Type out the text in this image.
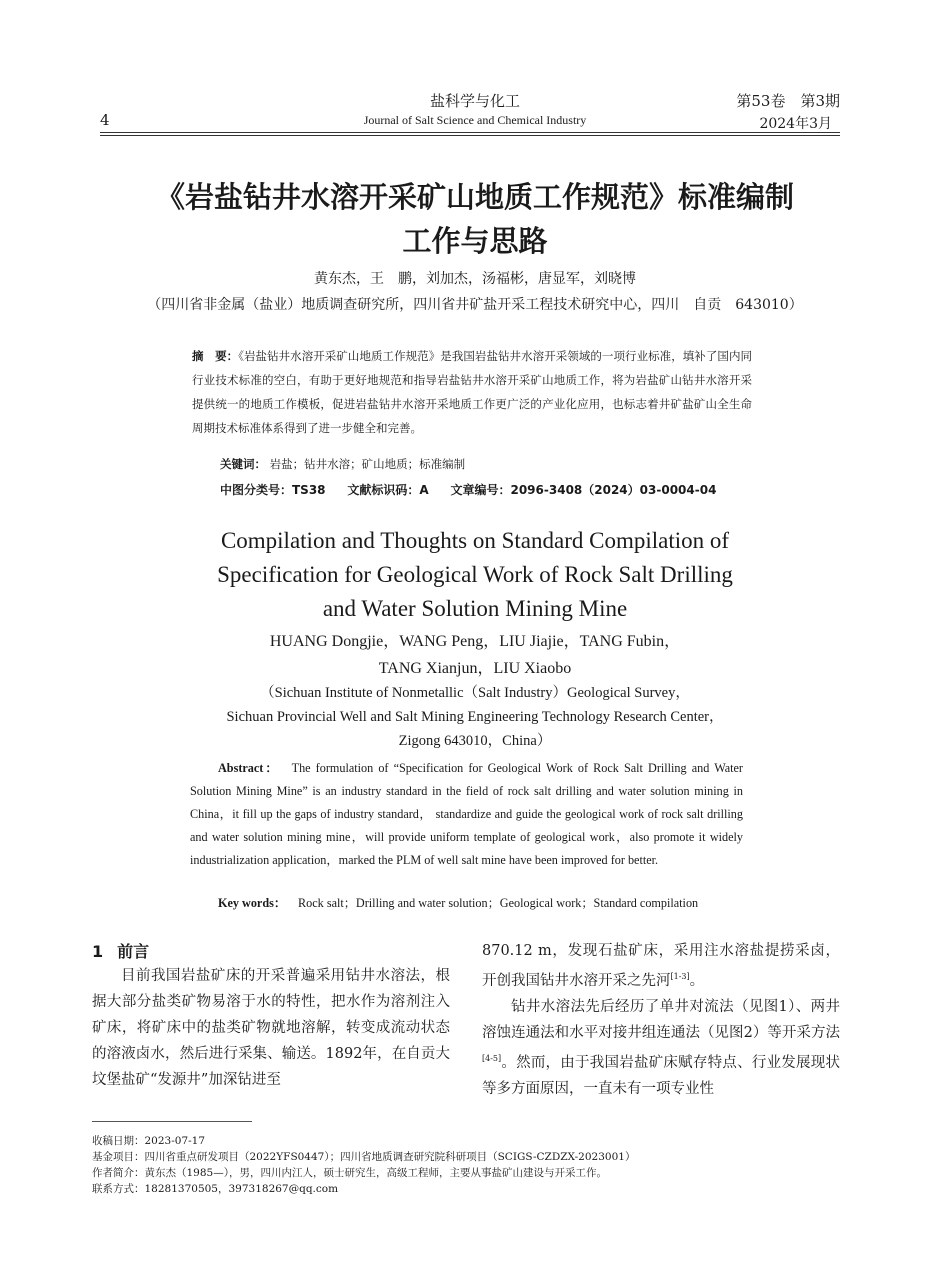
4
盐科学与化工
Journal of Salt Science and Chemical Industry
第53卷　第3期
2024年3月
《岩盐钻井水溶开采矿山地质工作规范》标准编制
工作与思路
黄东杰，王　鹏，刘加杰，汤福彬，唐显军，刘晓博
（四川省非金属（盐业）地质调查研究所，四川省井矿盐开采工程技术研究中心，四川　自贡　643010）
摘　要：《岩盐钻井水溶开采矿山地质工作规范》是我国岩盐钻井水溶开采领域的一项行业标准，填补了国内同行业技术标准的空白，有助于更好地规范和指导岩盐钻井水溶开采矿山地质工作，将为岩盐矿山钻井水溶开采提供统一的地质工作模板，促进岩盐钻井水溶开采地质工作更广泛的产业化应用，也标志着井矿盐矿山全生命周期技术标准体系得到了进一步健全和完善。
关键词： 岩盐；钻井水溶；矿山地质；标准编制
中图分类号：TS38 文献标识码：A 文章编号：2096-3408（2024）03-0004-04
Compilation and Thoughts on Standard Compilation of
Specification for Geological Work of Rock Salt Drilling
and Water Solution Mining Mine
HUANG Dongjie，WANG Peng，LIU Jiajie，TANG Fubin，
TANG Xianjun，LIU Xiaobo
（Sichuan Institute of Nonmetallic（Salt Industry）Geological Survey，
Sichuan Provincial Well and Salt Mining Engineering Technology Research Center，
Zigong 643010，China）
Abstract： The formulation of “Specification for Geological Work of Rock Salt Drilling and Water Solution Mining Mine” is an industry standard in the field of rock salt drilling and water solution mining in China，it fill up the gaps of industry standard， standardize and guide the geological work of rock salt drilling and water solution mining mine，will provide uniform template of geological work，also promote it widely industrialization application，marked the PLM of well salt mine have been improved for better.
Key words： Rock salt；Drilling and water solution；Geological work；Standard compilation
1 前言

目前我国岩盐矿床的开采普遍采用钻井水溶法，根据大部分盐类矿物易溶于水的特性，把水作为溶剂注入矿床，将矿床中的盐类矿物就地溶解，转变成流动状态的溶液卤水，然后进行采集、输送。1892年，在自贡大坟堡盐矿“发源井”加深钻进至

870.12 m，发现石盐矿床，采用注水溶盐提捞采卤，开创我国钻井水溶开采之先河[1-3]。

钻井水溶法先后经历了单井对流法（见图1）、两井溶蚀连通法和水平对接井组连通法（见图2）等开采方法[4-5]。然而，由于我国岩盐矿床赋存特点、行业发展现状等多方面原因，一直未有一项专业性

收稿日期：2023-07-17
基金项目：四川省重点研发项目（2022YFS0447）；四川省地质调查研究院科研项目（SCIGS-CZDZX-2023001）
作者简介：黄东杰（1985—），男，四川内江人，硕士研究生，高级工程师，主要从事盐矿山建设与开采工作。
联系方式：18281370505，397318267@qq.com
